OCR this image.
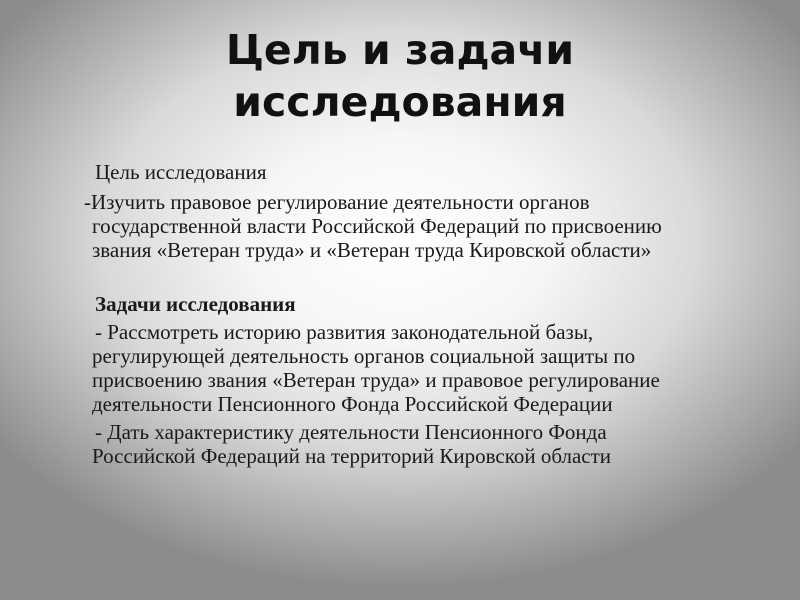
Цель и задачи
исследования
Цель исследования
-Изучить правовое регулирование деятельности органов
государственной власти Российской Федераций по присвоению
звания «Ветеран труда» и «Ветеран труда Кировской области»
Задачи исследования
- Рассмотреть историю развития законодательной базы,
регулирующей деятельность органов социальной защиты по
присвоению звания «Ветеран труда» и правовое регулирование
деятельности Пенсионного Фонда Российской Федерации
- Дать характеристику деятельности Пенсионного Фонда
Российской Федераций на территорий Кировской области
